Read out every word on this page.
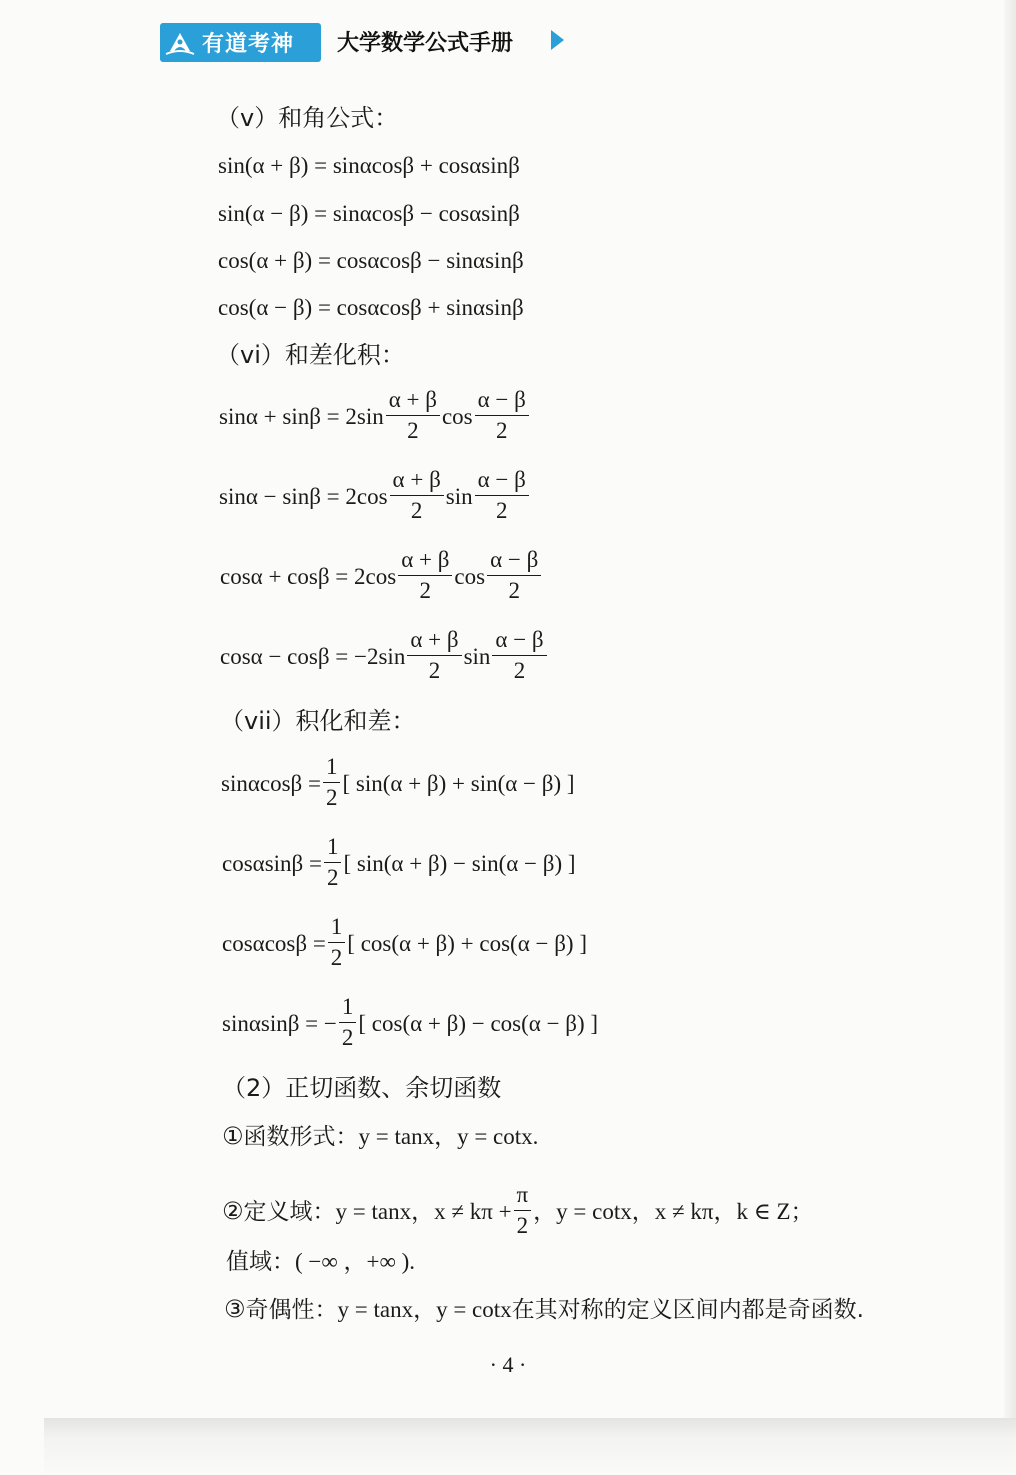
有道考神 大学数学公式手册
（v）和角公式：
sin(α + β) = sinαcosβ + cosαsinβ
sin(α − β) = sinαcosβ − cosαsinβ
cos(α + β) = cosαcosβ − sinαsinβ
cos(α − β) = cosαcosβ + sinαsinβ
（vi）和差化积：
$\sin\alpha + \sin\beta = 2\sin \frac{\alpha + \beta}{2}$ $\cos \frac{\alpha - \beta}{2}$
$\sin\alpha - \sin\beta = 2\cos \frac{\alpha + \beta}{2}$ $\sin \frac{\alpha - \beta}{2}$
$\cos\alpha + \cos\beta = 2\cos \frac{\alpha + \beta}{2}$ $\cos \frac{\alpha - \beta}{2}$
$\cos\alpha - \cos\beta = -2\sin \frac{\alpha + \beta}{2}$ $\sin \frac{\alpha - \beta}{2}$
（vii）积化和差：
$\sin\alpha\cos\beta = \frac{1}{2}$ [ sin(α + β) + sin(α − β) ]
$\cos\alpha\sin\beta = \frac{1}{2}$ [ sin(α + β) − sin(α − β) ]
$\cos\alpha\cos\beta = \frac{1}{2}$ [ cos(α + β) + cos(α − β) ]
sinαsinβ = − $\frac{1}{2}$ [ cos(α + β) − cos(α − β) ]
（2）正切函数、余切函数
①函数形式：y = tanx，y = cotx.
②定义域：y = tanx，$x \ne k\pi + \frac{\pi}{2}$ ，y = cotx，x ≠ kπ，k ∈ Z；
值域：( −∞ ，+∞ ).
③奇偶性：y = tanx，y = cotx在其对称的定义区间内都是奇函数.
· 4 ·
